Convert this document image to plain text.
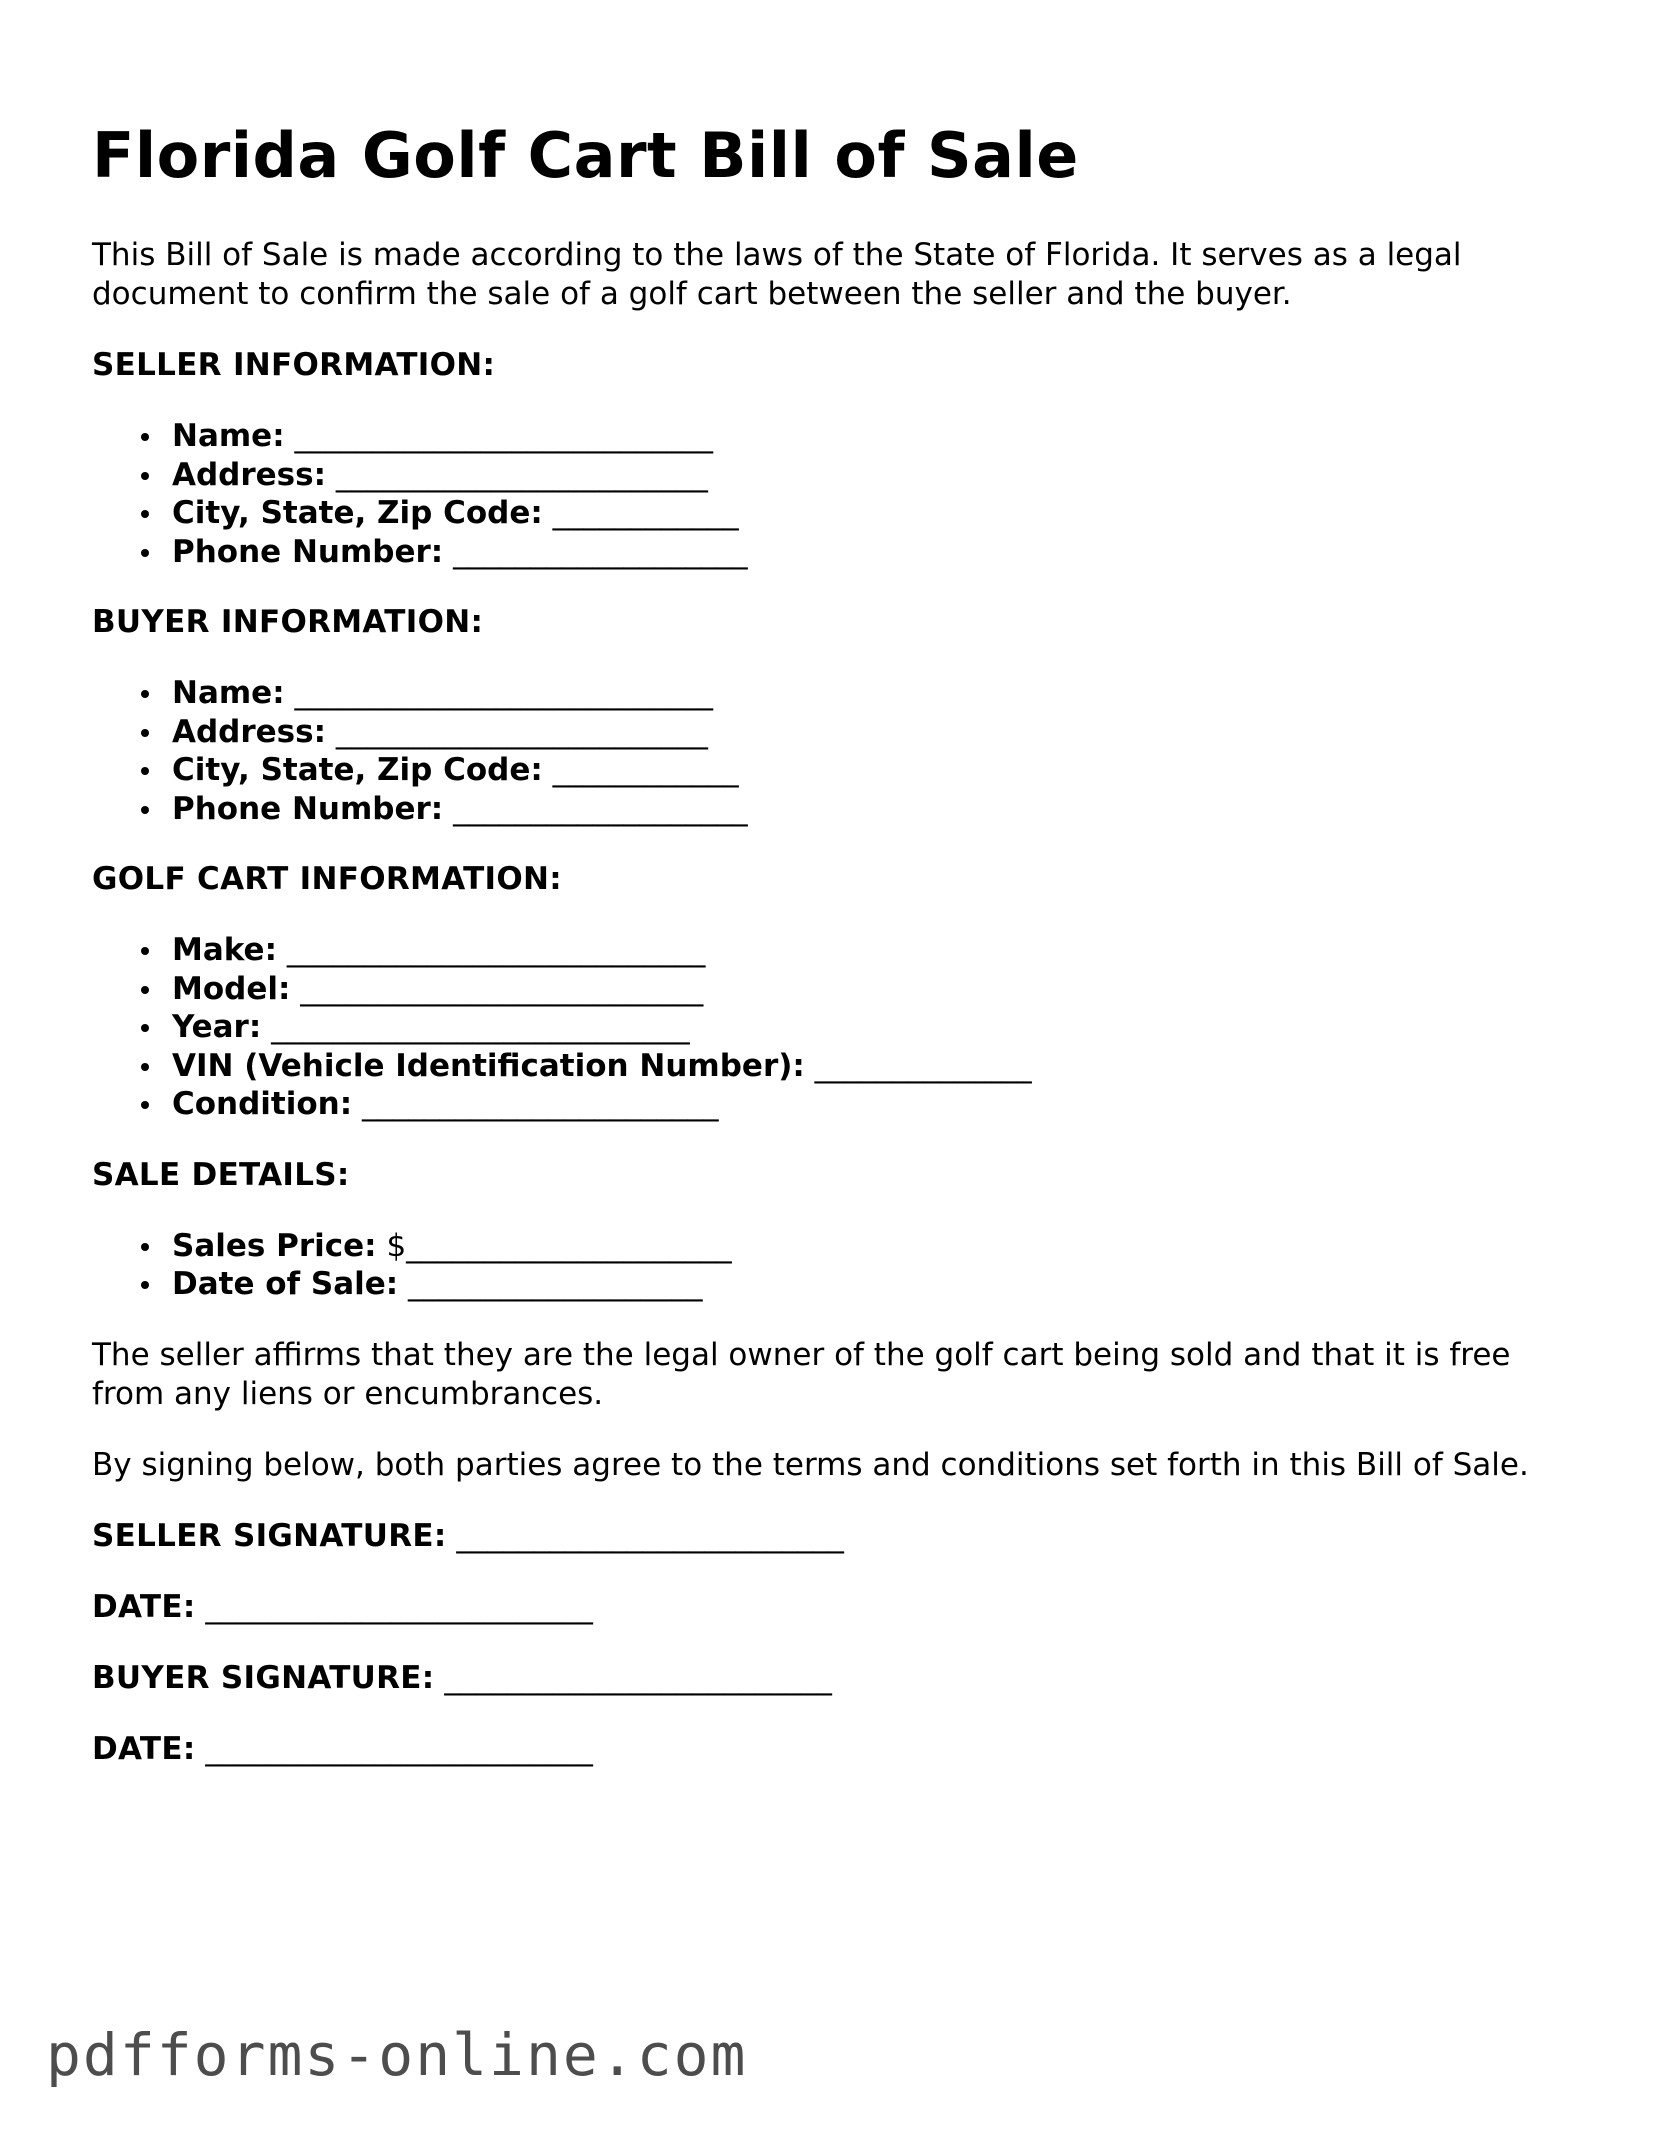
Florida Golf Cart Bill of Sale

This Bill of Sale is made according to the laws of the State of Florida. It serves as a legal document to confirm the sale of a golf cart between the seller and the buyer.

SELLER INFORMATION:
Name: ___________________________
Address: ________________________
City, State, Zip Code: ____________
Phone Number: ___________________
BUYER INFORMATION:
Name: ___________________________
Address: ________________________
City, State, Zip Code: ____________
Phone Number: ___________________
GOLF CART INFORMATION:
Make: ___________________________
Model: __________________________
Year: ___________________________
VIN (Vehicle Identification Number): ______________
Condition: _______________________
SALE DETAILS:
Sales Price: $_____________________
Date of Sale: ___________________

The seller affirms that they are the legal owner of the golf cart being sold and that it is free from any liens or encumbrances.

By signing below, both parties agree to the terms and conditions set forth in this Bill of Sale.

SELLER SIGNATURE: _________________________
DATE: _________________________
BUYER SIGNATURE: _________________________
DATE: _________________________
pdfforms-online.com
